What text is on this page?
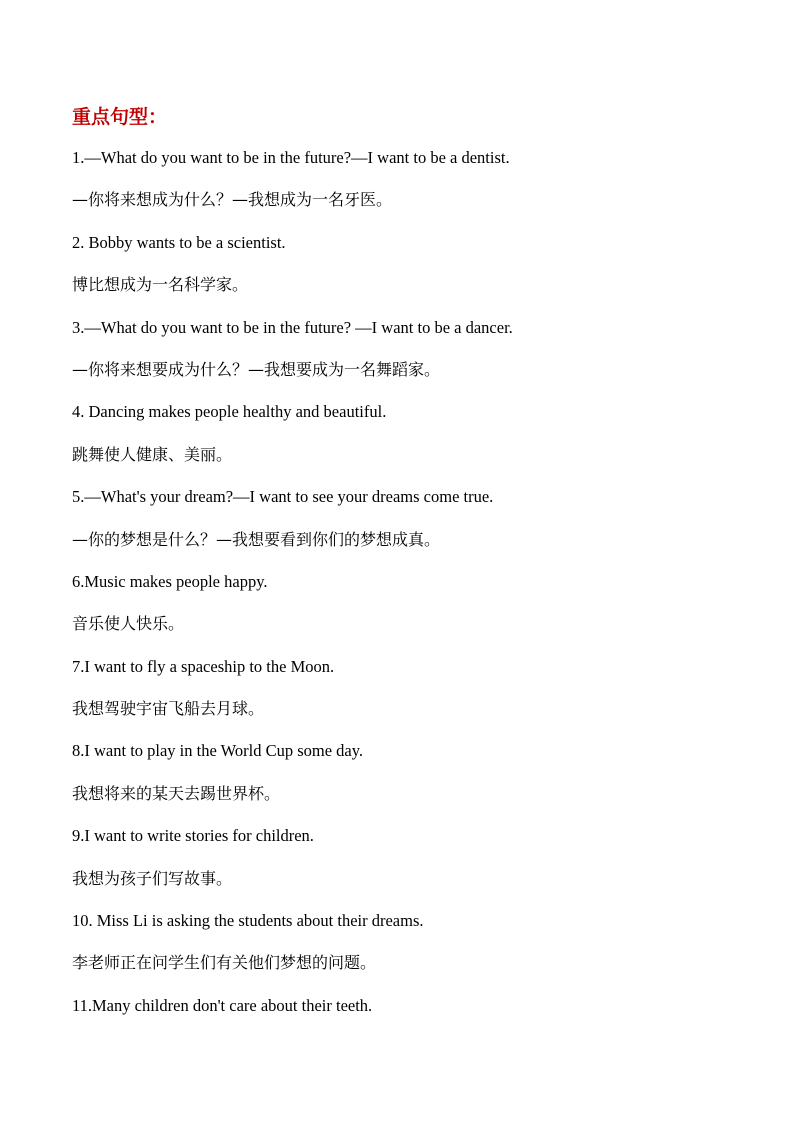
重点句型：
1.—What do you want to be in the future?—I want to be a dentist.
—你将来想成为什么？—我想成为一名牙医。
2. Bobby wants to be a scientist.
博比想成为一名科学家。
3.—What do you want to be in the future? —I want to be a dancer.
—你将来想要成为什么？—我想要成为一名舞蹈家。
4. Dancing makes people healthy and beautiful.
跳舞使人健康、美丽。
5.—What's your dream?—I want to see your dreams come true.
—你的梦想是什么？—我想要看到你们的梦想成真。
6.Music makes people happy.
音乐使人快乐。
7.I want to fly a spaceship to the Moon.
我想驾驶宇宙飞船去月球。
8.I want to play in the World Cup some day.
我想将来的某天去踢世界杯。
9.I want to write stories for children.
我想为孩子们写故事。
10. Miss Li is asking the students about their dreams.
李老师正在问学生们有关他们梦想的问题。
11.Many children don't care about their teeth.
